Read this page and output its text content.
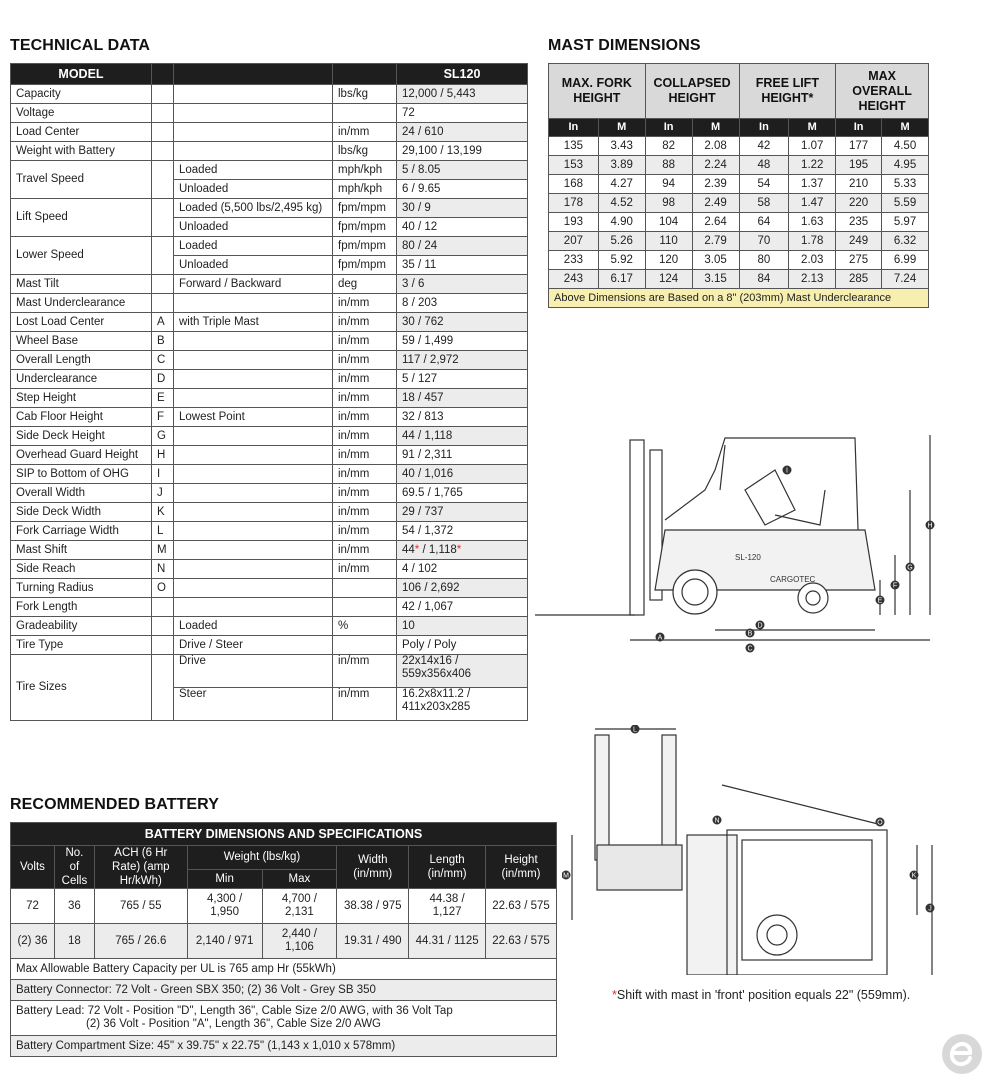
TECHNICAL DATA
MODEL				SL120
Capacity			lbs/kg	12,000 / 5,443
Voltage				72
Load Center			in/mm	24 / 610
Weight with Battery			lbs/kg	29,100 / 13,199
Travel Speed		Loaded	mph/kph	5 / 8.05
		Unloaded	mph/kph	6 / 9.65
Lift Speed		Loaded (5,500 lbs/2,495 kg)	fpm/mpm	30 / 9
		Unloaded	fpm/mpm	40 / 12
Lower Speed		Loaded	fpm/mpm	80 / 24
		Unloaded	fpm/mpm	35 / 11
Mast Tilt		Forward / Backward	deg	3 / 6
Mast Underclearance			in/mm	8 / 203
Lost Load Center	A	with Triple Mast	in/mm	30 / 762
Wheel Base	B		in/mm	59 / 1,499
Overall Length	C		in/mm	117 / 2,972
Underclearance	D		in/mm	5 / 127
Step Height	E		in/mm	18 / 457
Cab Floor Height	F	Lowest Point	in/mm	32 / 813
Side Deck Height	G		in/mm	44 / 1,118
Overhead Guard Height	H		in/mm	91 / 2,311
SIP to Bottom of OHG	I		in/mm	40 / 1,016
Overall Width	J		in/mm	69.5 / 1,765
Side Deck Width	K		in/mm	29 / 737
Fork Carriage Width	L		in/mm	54 / 1,372
Mast Shift	M		in/mm	44* / 1,118*
Side Reach	N		in/mm	4 / 102
Turning Radius	O			106 / 2,692
Fork Length				42 / 1,067
Gradeability		Loaded	%	10
Tire Type		Drive / Steer		Poly / Poly
Tire Sizes		Drive	in/mm	22x14x16 /
559x356x406

		Steer	in/mm	16.2x8x11.2 /
411x203x285
MAST DIMENSIONS
MAX. FORK HEIGHT		COLLAPSED HEIGHT		FREE LIFT HEIGHT*		MAX OVERALL HEIGHT	
In	M	In	M	In	M	In	M
135	3.43	82	2.08	42	1.07	177	4.50
153	3.89	88	2.24	48	1.22	195	4.95
168	4.27	94	2.39	54	1.37	210	5.33
178	4.52	98	2.49	58	1.47	220	5.59
193	4.90	104	2.64	64	1.63	235	5.97
207	5.26	110	2.79	70	1.78	249	6.32
233	5.92	120	3.05	80	2.03	275	6.99
243	6.17	124	3.15	84	2.13	285	7.24
Above Dimensions are Based on a 8" (203mm) Mast Underclearance							
RECOMMENDED BATTERY
BATTERY DIMENSIONS AND SPECIFICATIONS							
Volts	No. of Cells	ACH (6 Hr Rate) (amp Hr/kWh)	Weight (lbs/kg)		Width (in/mm)	Length (in/mm)	Height (in/mm)
			Min	Max			
72	36	765 / 55	4,300 / 1,950	4,700 / 2,131	38.38 / 975	44.38 / 1,127	22.63 / 575
(2) 36	18	765 / 26.6	2,140 / 971	2,440 / 1,106	19.31 / 490	44.31 / 1125	22.63 / 575
Max Allowable Battery Capacity per UL is 765 amp Hr (55kWh)							
Battery Connector: 72 Volt - Green SBX 350; (2) 36 Volt - Grey SB 350							

Battery Lead: 72 Volt - Position "D", Length 36", Cable Size 2/0 AWG, with 36 Volt Tap
(2) 36 Volt - Position "A", Length 36", Cable Size 2/0 AWG							

Battery Compartment Size: 45" x 39.75" x 22.75" (1,143 x 1,010 x 578mm)							
SL-120
CARGOTEC
H
G
F
E
A
B
C
D
I
L
N	O
M	K
J
*Shift with mast in 'front' position equals 22" (559mm).
